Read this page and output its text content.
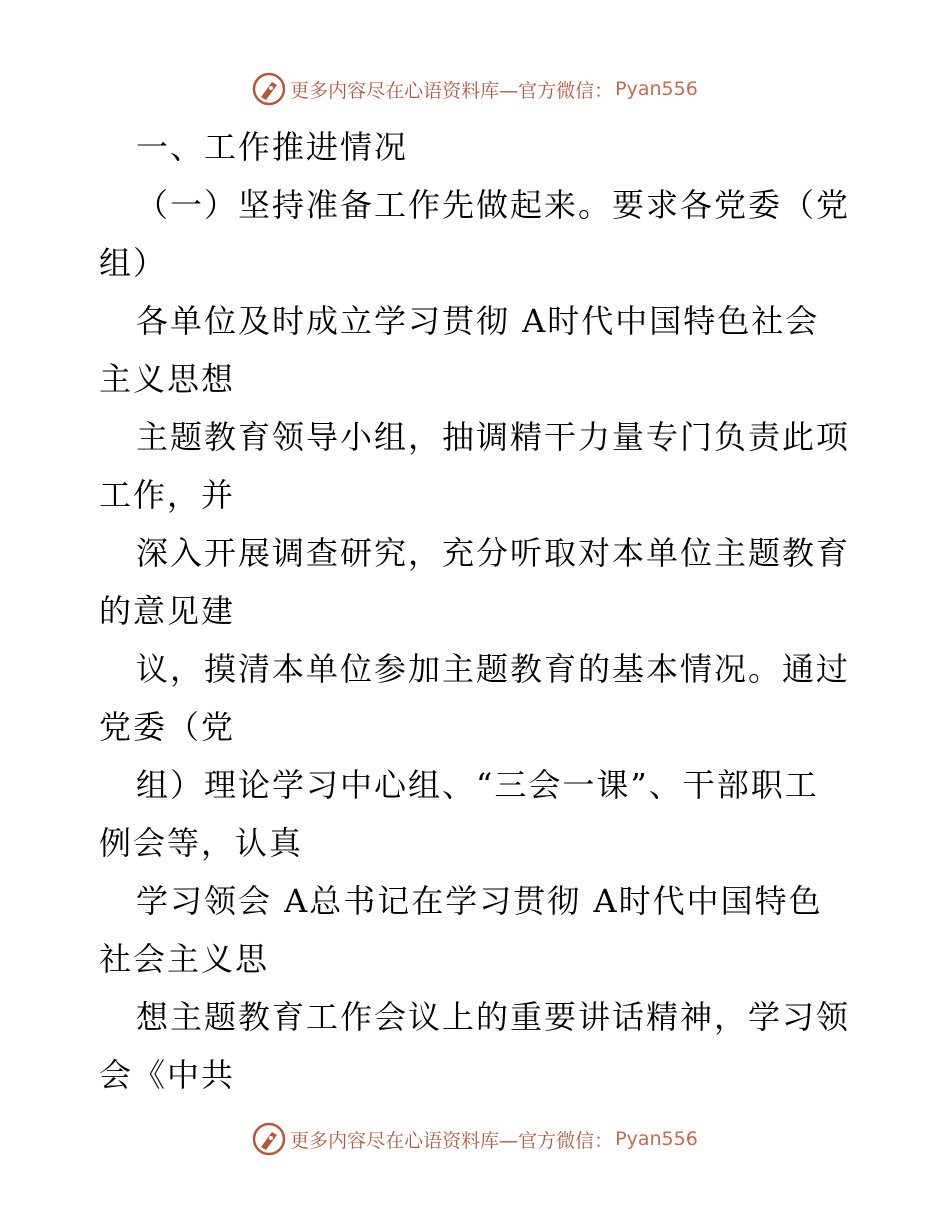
更多内容尽在心语资料库—官方微信： Pyan556
一、工作推进情况
（一）坚持准备工作先做起来。要求各党委（党
组）
各单位及时成立学习贯彻 A时代中国特色社会
主义思想
主题教育领导小组，抽调精干力量专门负责此项
工作，并
深入开展调查研究，充分听取对本单位主题教育
的意见建
议，摸清本单位参加主题教育的基本情况。通过
党委（党
组）理论学习中心组、“三会一课”、干部职工
例会等，认真
学习领会 A总书记在学习贯彻 A时代中国特色
社会主义思
想主题教育工作会议上的重要讲话精神，学习领
会《中共
更多内容尽在心语资料库—官方微信： Pyan556
